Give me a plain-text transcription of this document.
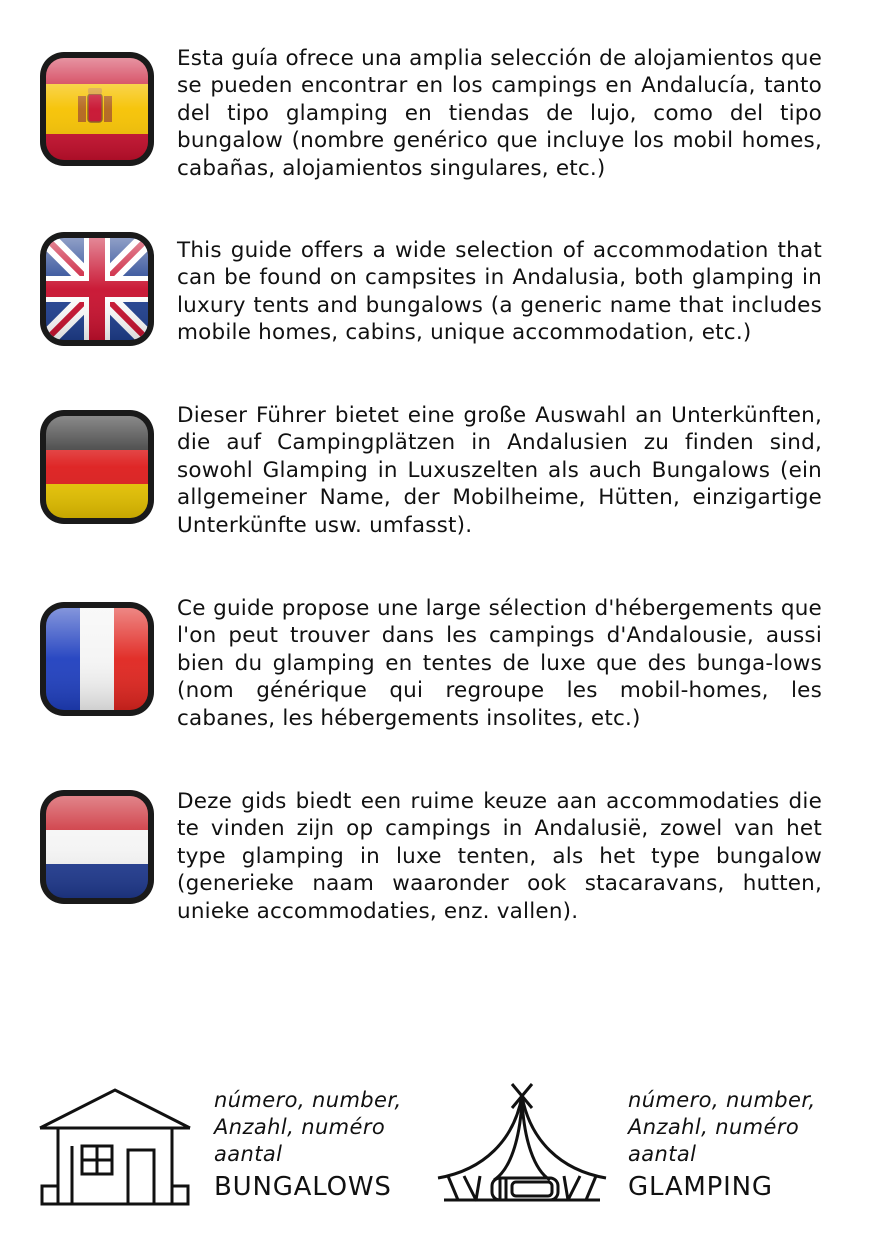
Esta guía ofrece una amplia selección de alojamientos que se pueden encontrar en los campings en Andalucía, tanto del tipo glamping en tiendas de lujo, como del tipo bungalow (nombre genérico que incluye los mobil homes, cabañas, alojamientos singulares, etc.)
This guide offers a wide selection of accommodation that can be found on campsites in Andalusia, both glamping in luxury tents and bungalows (a generic name that includes mobile homes, cabins, unique accommodation, etc.)
Dieser Führer bietet eine große Auswahl an Unterkünften, die auf Campingplätzen in Andalusien zu finden sind, sowohl Glamping in Luxuszelten als auch Bungalows (ein allgemeiner Name, der Mobilheime, Hütten, einzigartige Unterkünfte usw. umfasst).
Ce guide propose une large sélection d'hébergements que l'on peut trouver dans les campings d'Andalousie, aussi bien du glamping en tentes de luxe que des bunga-lows (nom générique qui regroupe les mobil-homes, les cabanes, les hébergements insolites, etc.)
Deze gids biedt een ruime keuze aan accommodaties die te vinden zijn op campings in Andalusië, zowel van het type glamping in luxe tenten, als het type bungalow (generieke naam waaronder ook stacaravans, hutten, unieke accommodaties, enz. vallen).
número, number,
Anzahl, numéro
aantal
BUNGALOWS
número, number,
Anzahl, numéro
aantal
GLAMPING
